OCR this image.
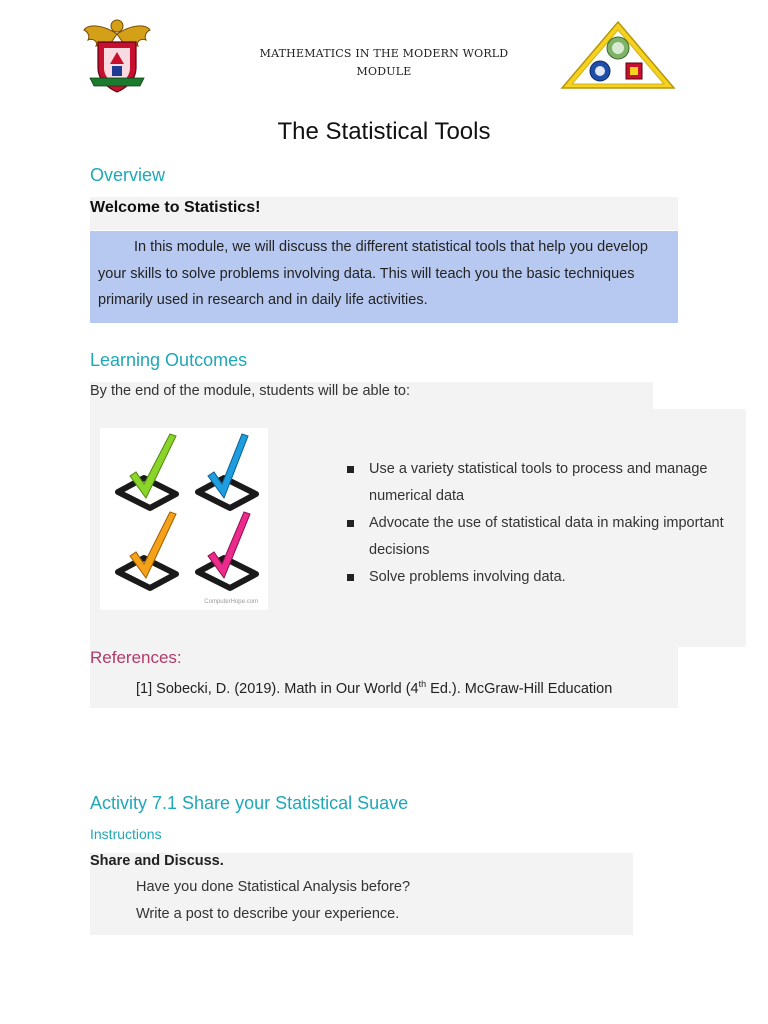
MATHEMATICS IN THE MODERN WORLD
MODULE
The Statistical Tools
Overview
Welcome to Statistics!
In this module, we will discuss the different statistical tools that help you develop your skills to solve problems involving data. This will teach you the basic techniques primarily used in research and in daily life activities.
Learning Outcomes
By the end of the module, students will be able to:
ComputerHope.com
Use a variety statistical tools to process and manage numerical data
Advocate the use of statistical data in making important decisions
Solve problems involving data.
References:
[1] Sobecki, D. (2019). Math in Our World (4th Ed.). McGraw-Hill Education
Activity 7.1 Share your Statistical Suave
Instructions
Share and Discuss.
Have you done Statistical Analysis before?
Write a post to describe your experience.
